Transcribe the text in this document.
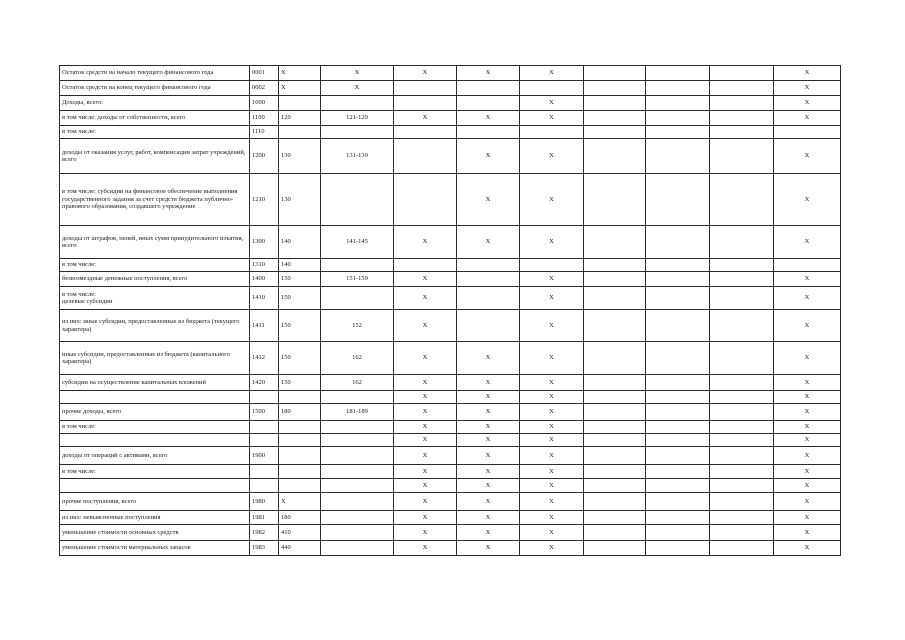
Остаток средств на начало текущего финансового года	0001	X	X	X	X	X				X
Остаток средств на конец текущего финансового года	0002	X	X							X
Доходы, всего:	1000					X				X
в том числе: доходы от собственности, всего	1100	120	121-129	X	X	X				X
в том числе:	1110									
доходы от оказания услуг, работ, компенсации затрат учреждений, всего	1200	130	131-139		X	X				X
в том числе: субсидии на финансовое обеспечение выполнения государственного задания за счет средств бюджета публично-правового образования, создавшего учреждение	1210	130			X	X				X
доходы от штрафов, пеней, иных сумм принудительного изъятия, всего	1300	140	141-145	X	X	X				X
в том числе:	1310	140								
безвозмездные денежные поступления, всего	1400	150	151-159	X		X				X
в том числе:
целевые субсидии	1410	150		X		X				X
из них: иные субсидии, предоставленные из бюджета (текущего характера)	1411	150	152	X		X				X
иные субсидии, предоставленные из бюджета (капитального характера)	1412	150	162	X	X	X				X
субсидии на осуществление капитальных вложений	1420	150	162	X	X	X				X
				X	X	X				X
прочие доходы, всего	1500	180	181-189	X	X	X				X
в том числе:				X	X	X				X
				X	X	X				X
доходы от операций с активами, всего	1900			X	X	X				X
в том числе:				X	X	X				X
				X	X	X				X
прочие поступления, всего	1980	X		X	X	X				X
из них: невыясненные поступления	1981	180		X	X	X				X
уменьшение стоимости основных средств	1982	410		X	X	X				X
уменьшение стоимости материальных запасов	1983	440		X	X	X				X
